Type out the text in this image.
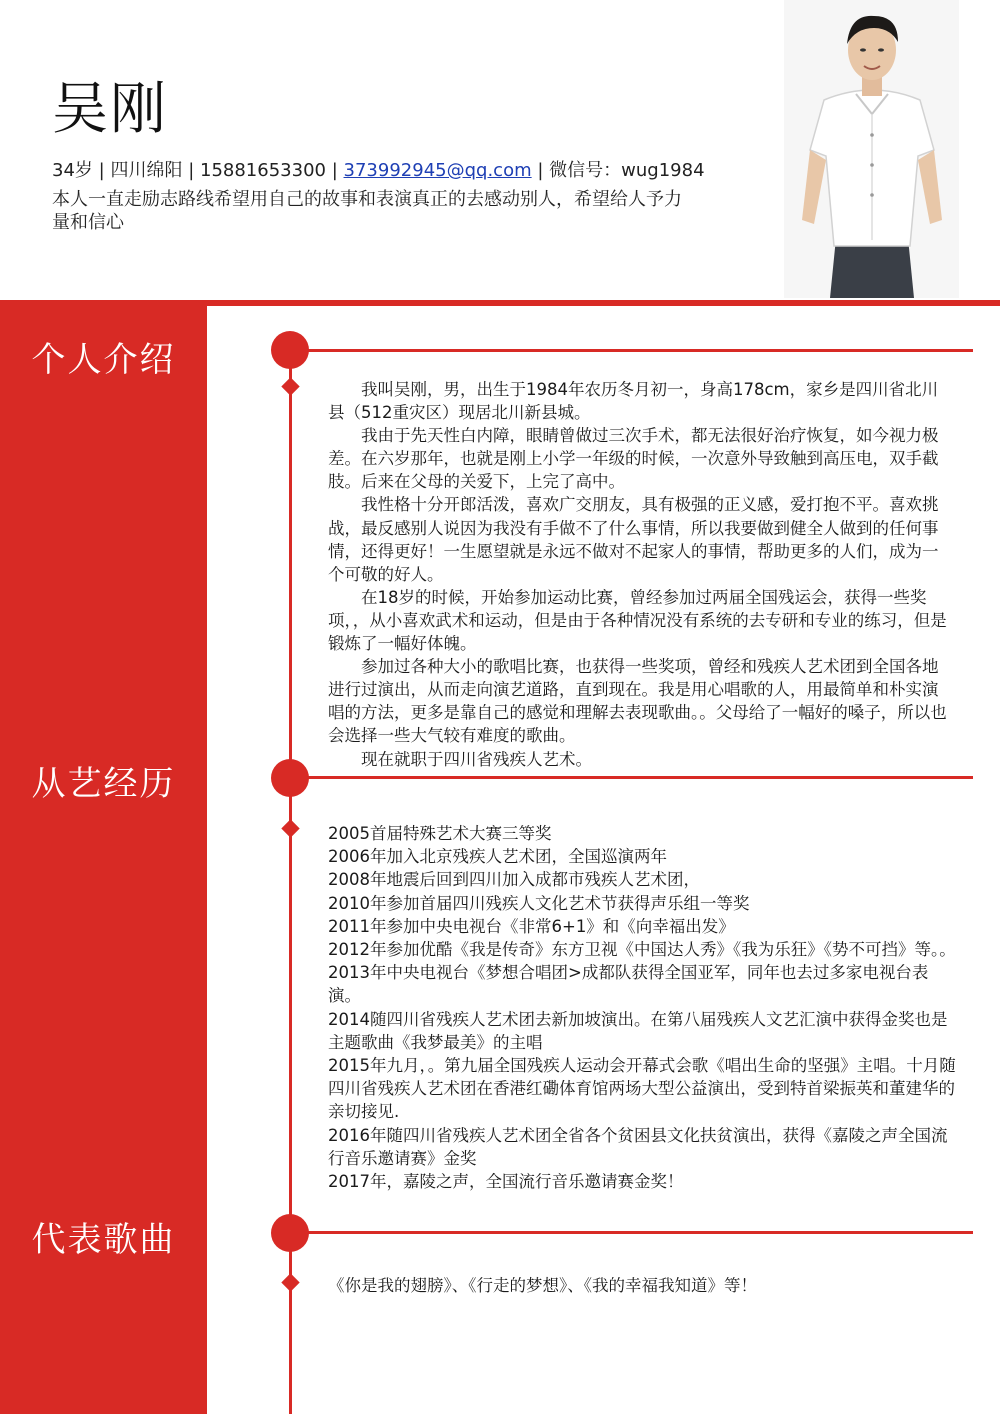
吴刚
34岁 | 四川绵阳 | 15881653300 | 373992945@qq.com | 微信号：wug1984
本人一直走励志路线希望用自己的故事和表演真正的去感动别人，希望给人予力量和信心
个人介绍
从艺经历
代表歌曲

我叫吴刚，男，出生于1984年农历冬月初一，身高178cm，家乡是四川省北川县（512重灾区）现居北川新县城。

我由于先天性白内障，眼睛曾做过三次手术，都无法很好治疗恢复，如今视力极差。在六岁那年，也就是刚上小学一年级的时候，一次意外导致触到高压电，双手截肢。后来在父母的关爱下，上完了高中。

我性格十分开郎活泼，喜欢广交朋友，具有极强的正义感，爱打抱不平。喜欢挑战，最反感别人说因为我没有手做不了什么事情，所以我要做到健全人做到的任何事情，还得更好！一生愿望就是永远不做对不起家人的事情，帮助更多的人们，成为一个可敬的好人。

在18岁的时候，开始参加运动比赛，曾经参加过两届全国残运会，获得一些奖项，，从小喜欢武术和运动，但是由于各种情况没有系统的去专研和专业的练习，但是锻炼了一幅好体魄。

参加过各种大小的歌唱比赛，也获得一些奖项，曾经和残疾人艺术团到全国各地进行过演出，从而走向演艺道路，直到现在。我是用心唱歌的人，用最简单和朴实演唱的方法，更多是靠自己的感觉和理解去表现歌曲。。父母给了一幅好的嗓子，所以也会选择一些大气较有难度的歌曲。

现在就职于四川省残疾人艺术。

2005首届特殊艺术大赛三等奖
2006年加入北京残疾人艺术团，全国巡演两年
2008年地震后回到四川加入成都市残疾人艺术团，
2010年参加首届四川残疾人文化艺术节获得声乐组一等奖
2011年参加中央电视台《非常6+1》和《向幸福出发》
2012年参加优酷《我是传奇》东方卫视《中国达人秀》《我为乐狂》《势不可挡》等。。
2013年中央电视台《梦想合唱团>成都队获得全国亚军，同年也去过多家电视台表演。
2014随四川省残疾人艺术团去新加坡演出。在第八届残疾人文艺汇演中获得金奖也是主题歌曲《我梦最美》的主唱
2015年九月，。第九届全国残疾人运动会开幕式会歌《唱出生命的坚强》主唱。十月随四川省残疾人艺术团在香港红磡体育馆两场大型公益演出，受到特首梁振英和董建华的亲切接见.
2016年随四川省残疾人艺术团全省各个贫困县文化扶贫演出，获得《嘉陵之声全国流行音乐邀请赛》金奖
2017年，嘉陵之声，全国流行音乐邀请赛金奖！
《你是我的翅膀》、《行走的梦想》、《我的幸福我知道》等！
